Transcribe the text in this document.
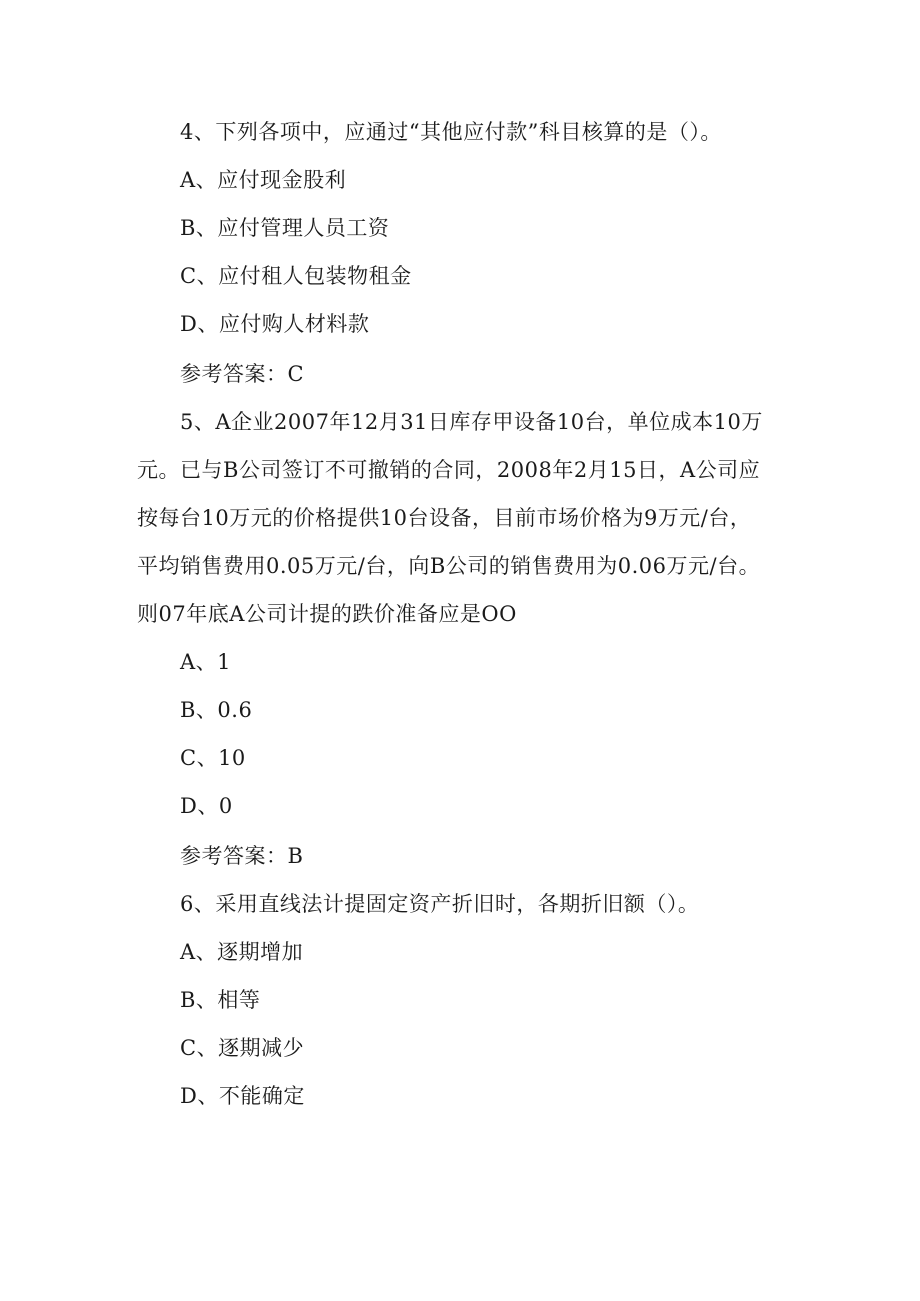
4、下列各项中，应通过“其他应付款”科目核算的是（）。
A、应付现金股利
B、应付管理人员工资
C、应付租人包装物租金
D、应付购人材料款
参考答案：C
5、A企业2007年12月31日库存甲设备10台，单位成本10万
元。已与B公司签订不可撤销的合同，2008年2月15日，A公司应
按每台10万元的价格提供10台设备，目前市场价格为9万元/台，
平均销售费用0.05万元/台，向B公司的销售费用为0.06万元/台。
则07年底A公司计提的跌价准备应是OO
A、1
B、0.6
C、10
D、0
参考答案：B
6、采用直线法计提固定资产折旧时，各期折旧额（）。
A、逐期增加
B、相等
C、逐期减少
D、不能确定
